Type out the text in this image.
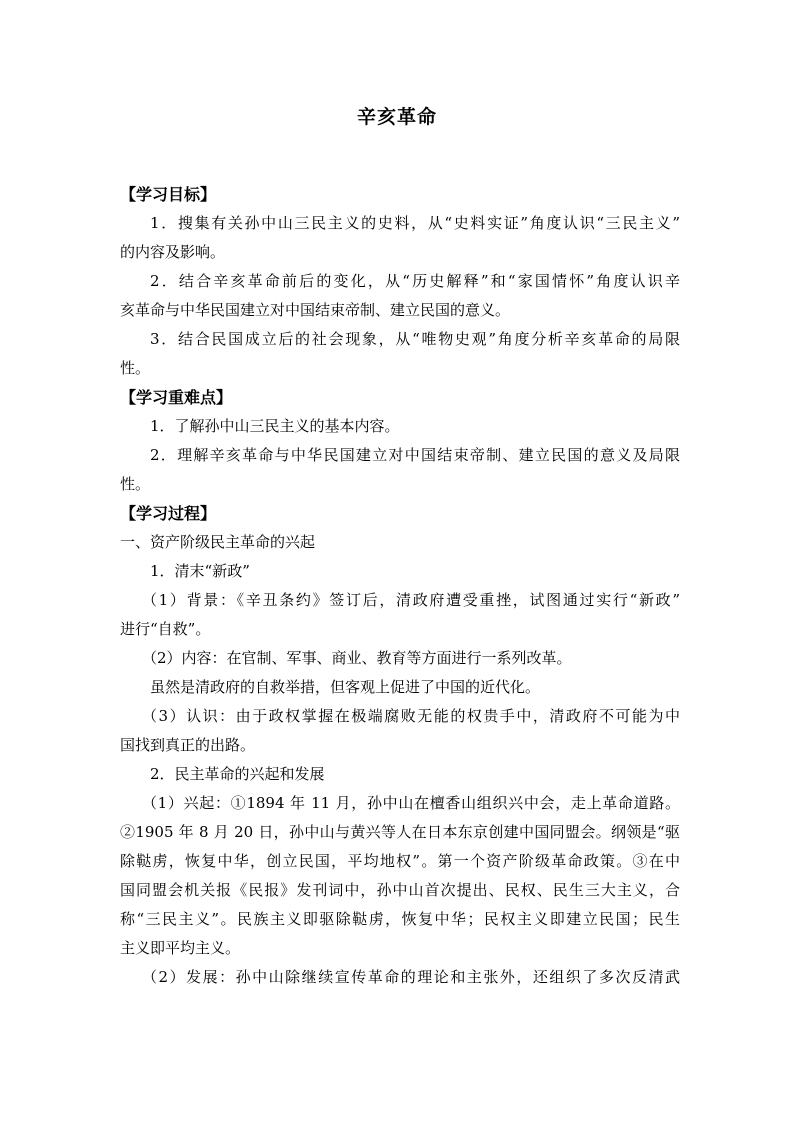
辛亥革命
【学习目标】
1．搜集有关孙中山三民主义的史料，从“史料实证”角度认识“三民主义”
的内容及影响。
2．结合辛亥革命前后的变化，从“历史解释”和“家国情怀”角度认识辛
亥革命与中华民国建立对中国结束帝制、建立民国的意义。
3．结合民国成立后的社会现象，从“唯物史观”角度分析辛亥革命的局限
性。
【学习重难点】
1．了解孙中山三民主义的基本内容。
2．理解辛亥革命与中华民国建立对中国结束帝制、建立民国的意义及局限
性。
【学习过程】
一、资产阶级民主革命的兴起
1．清末“新政”
（1）背景：《辛丑条约》签订后，清政府遭受重挫，试图通过实行“新政”
进行“自救”。
（2）内容：在官制、军事、商业、教育等方面进行一系列改革。
虽然是清政府的自救举措，但客观上促进了中国的近代化。
（3）认识：由于政权掌握在极端腐败无能的权贵手中，清政府不可能为中
国找到真正的出路。
2．民主革命的兴起和发展
（1）兴起：①1894 年 11 月，孙中山在檀香山组织兴中会，走上革命道路。
②1905 年 8 月 20 日，孙中山与黄兴等人在日本东京创建中国同盟会。纲领是“驱
除鞑虏，恢复中华，创立民国，平均地权”。第一个资产阶级革命政策。③在中
国同盟会机关报《民报》发刊词中，孙中山首次提出、民权、民生三大主义，合
称“三民主义”。民族主义即驱除鞑虏，恢复中华；民权主义即建立民国；民生
主义即平均主义。
（2）发展：孙中山除继续宣传革命的理论和主张外，还组织了多次反清武
